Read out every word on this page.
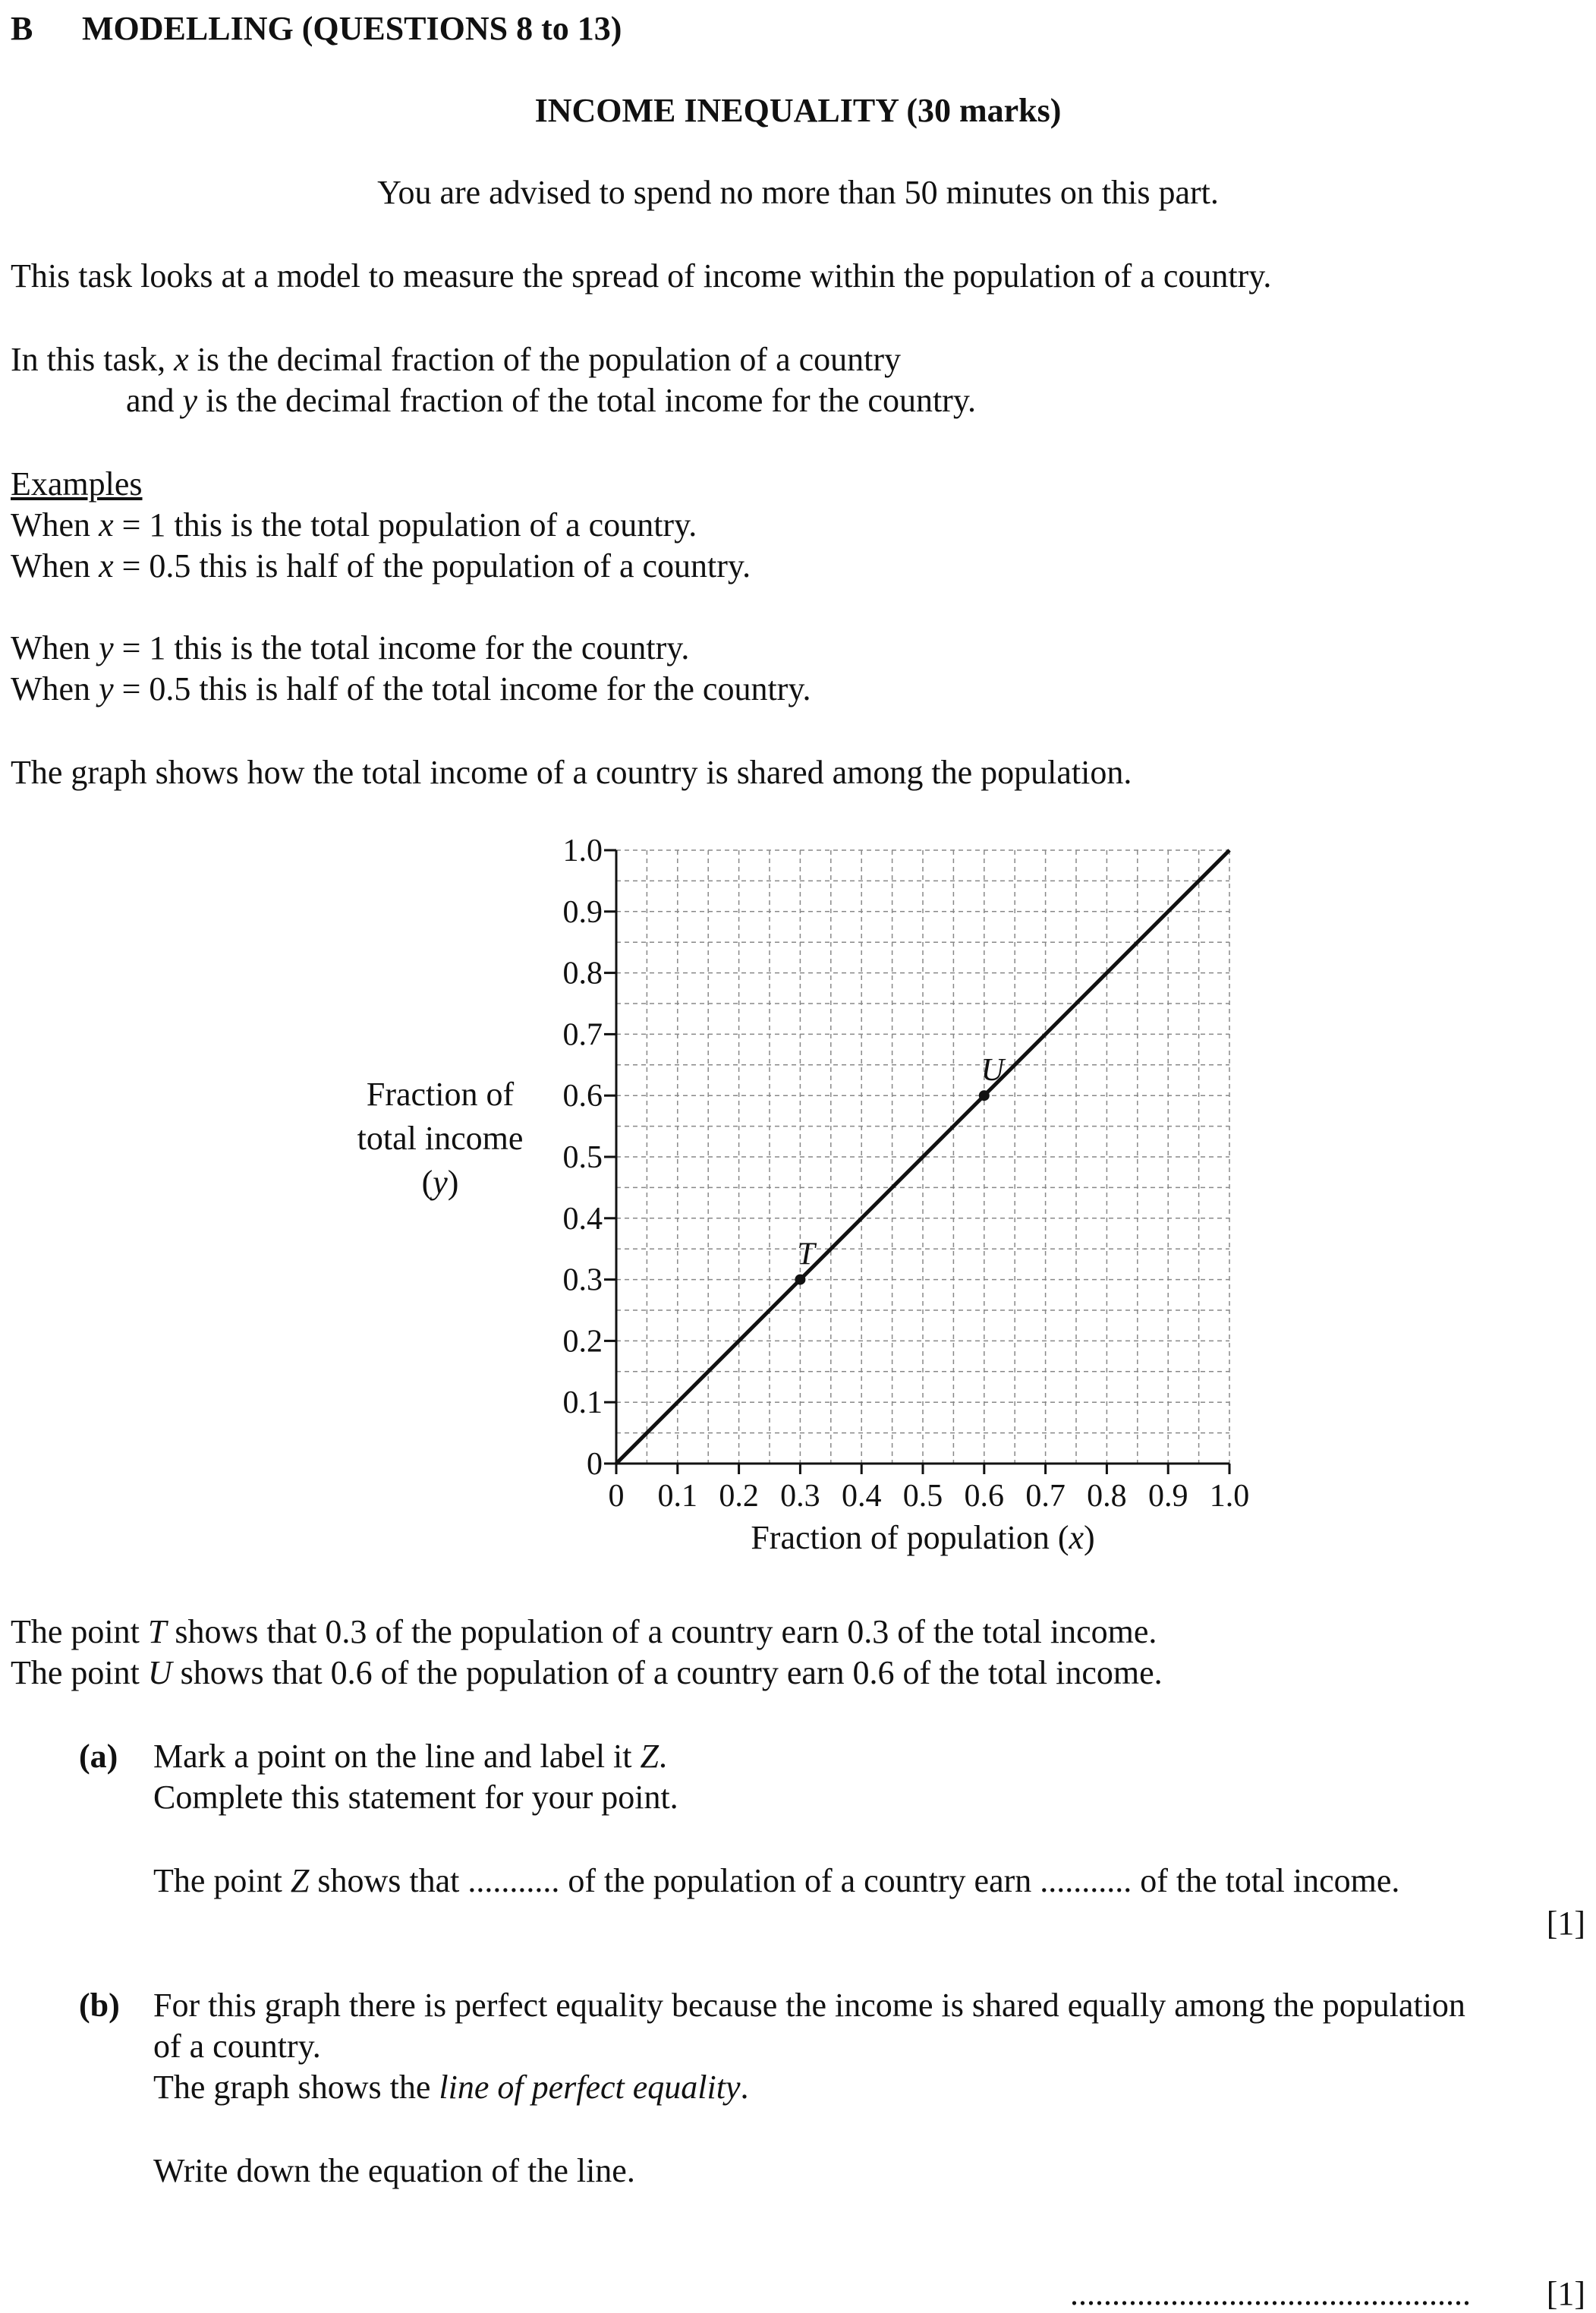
B MODELLING (QUESTIONS 8 to 13)
INCOME INEQUALITY (30 marks)
You are advised to spend no more than 50 minutes on this part.
This task looks at a model to measure the spread of income within the population of a country.
In this task, x is the decimal fraction of the population of a country
and y is the decimal fraction of the total income for the country.
Examples
When x = 1 this is the total population of a country.
When x = 0.5 this is half of the population of a country.
When y = 1 this is the total income for the country.
When y = 0.5 this is half of the total income for the country.
The graph shows how the total income of a country is shared among the population.
Fraction of
total income
(y)
0 0.1 0.2 0.3 0.4 0.5 0.6 0.7 0.8 0.9 1.0
0
0.1
0.2
0.3
0.4
0.5
0.6
0.7
0.8
0.9
1.0
T
U
Fraction of population (x)
The point T shows that 0.3 of the population of a country earn 0.3 of the total income.
The point U shows that 0.6 of the population of a country earn 0.6 of the total income.
(a) Mark a point on the line and label it Z.
Complete this statement for your point.
The point Z shows that ........... of the population of a country earn ........... of the total income.
[1]
(b) For this graph there is perfect equality because the income is shared equally among the population
of a country.
The graph shows the line of perfect equality.
Write down the equation of the line.
................................................ [1]
